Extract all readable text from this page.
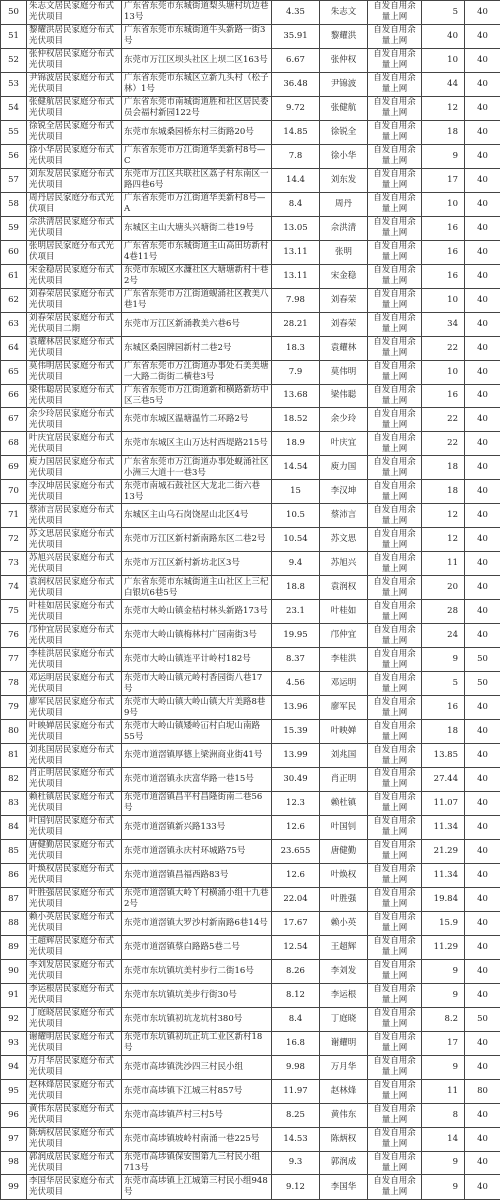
50	朱志文居民家庭分布式光伏项目	广东省东莞市东城街道梨头塘村坑边巷13号	4.35	朱志文	自发自用余量上网	5	40
51	黎耀洪居民家庭分布式光伏项目	广东省东莞市东城街道牛头新路一街3号	35.91	黎耀洪	自发自用余量上网	40	40
52	张仲权居民家庭分布式光伏项目	东莞市万江区坝头社区上坝二区163号	6.67	张仲权	自发自用余量上网	10	40
53	尹锦波居民家庭分布式光伏项目	广东省东莞市东城区立新九头村（松子林）1号	36.48	尹锦波	自发自用余量上网	44	40
54	张健航居民家庭分布式光伏项目	广东省东莞市南城街道胜和社区居民委员会福村新园122号	9.72	张健航	自发自用余量上网	12	40
55	徐锐全居民家庭分布式光伏项目	东莞市东城桑园桥东村三街路20号	14.85	徐锐全	自发自用余量上网	18	40
56	徐小华居民家庭分布式光伏项目	广东省东莞市万江街道华美新村8号—C	7.8	徐小华	自发自用余量上网	9	40
57	刘东发居民家庭分布式光伏项目	东莞市万江区共联社区荔子村东南区一路四巷6号	14.4	刘东发	自发自用余量上网	17	40
58	周丹居民家庭分布式光伏项目	广东省东莞市万江街道华美新村8号—A	8.4	周丹	自发自用余量上网	10	40
59	佘洪清居民家庭分布式光伏项目	东城区主山大塘头兴塘街二巷19号	13.05	佘洪清	自发自用余量上网	16	40
60	张明居民家庭分布式光伏项目	广东省东莞市东城街道主山高田坊新村4巷11号	13.11	张明	自发自用余量上网	16	40
61	宋金稳居民家庭分布式光伏项目	东莞市东城区水濂社区大塘塘新村十巷2号	13.11	宋金稳	自发自用余量上网	16	40
62	刘春荣居民家庭分布式光伏项目	广东省东莞市万江街道蚬涌社区教美八巷1号	7.98	刘春荣	自发自用余量上网	10	40
63	刘春荣居民家庭分布式光伏项目二期	东莞市万江区新涌教美六巷6号	28.21	刘春荣	自发自用余量上网	34	40
64	袁耀林居民家庭分布式光伏项目	东城区桑园牌园新村二巷2号	18.3	袁耀林	自发自用余量上网	22	40
65	莫伟明居民家庭分布式光伏项目	广东省东莞市万江街道办事处石美美塘一大路二街街二横巷3号	7.9	莫伟明	自发自用余量上网	10	40
66	梁伟聪居民家庭分布式光伏项目	广东省东莞市万江街道新和横路新坊中区三巷5号	13.68	梁伟聪	自发自用余量上网	16	40
67	余少玲居民家庭分布式光伏项目	东莞市东城区温塘温竹二环路2号	18.52	余少玲	自发自用余量上网	22	40
68	叶庆宜居民家庭分布式光伏项目	东莞市东城区主山万达村西堤路215号	18.9	叶庆宜	自发自用余量上网	22	40
69	庾力国居民家庭分布式光伏项目	广东省东莞市万江街道办事处蚬涌社区小洲三大道十一巷3号	14.54	庾力国	自发自用余量上网	18	40
70	李汉坤居民家庭分布式光伏项目	东莞市南城石鼓社区大龙北二街六巷13号	15	李汉坤	自发自用余量上网	18	40
71	蔡沛言居民家庭分布式光伏项目	东城区主山乌石岗饶屋山北区4号	10.5	蔡沛言	自发自用余量上网	12	40
72	苏文思居民家庭分布式光伏项目	东莞市万江区新村新南路东区二巷2号	10.54	苏文思	自发自用余量上网	12	40
73	苏旭兴居民家庭分布式光伏项目	东莞市万江区新村新坊北区3号	9.4	苏旭兴	自发自用余量上网	11	40
74	袁润权居民家庭分布式光伏项目	广东省东莞市东城街道主山社区上三杞白银坑6巷5号	18.8	袁润权	自发自用余量上网	20	40
75	叶桂如居民家庭分布式光伏项目	东莞市大岭山镇金桔村林头新路173号	23.1	叶桂如	自发自用余量上网	28	40
76	邝仲宜居民家庭分布式光伏项目	东莞市大岭山镇梅林村广园南街3号	19.95	邝仲宜	自发自用余量上网	24	40
77	李桂洪居民家庭分布式光伏项目	东莞市大岭山镇连平计岭村182号	8.37	李桂洪	自发自用余量上网	9	50
78	邓运明居民家庭分布式光伏项目	东莞市大岭山镇元岭村香园街八巷17号	4.56	邓运明	自发自用余量上网	5	50
79	廖军民居民家庭分布式光伏项目	东莞市大岭山镇大岭山镇大片美路8巷9号	13.96	廖军民	自发自用余量上网	16	40
80	叶映婵居民家庭分布式光伏项目	东莞市大岭山镇矮岭冚村白坭山南路55号	15.39	叶映婵	自发自用余量上网	18	40
81	刘兆国居民家庭分布式光伏项目	东莞市道滘镇厚德上梁洲商业街41号	13.99	刘兆国	自发自用余量上网	13.85	40
82	肖正明居民家庭分布式光伏项目	东莞市道滘镇永庆富华路一巷15号	30.49	肖正明	自发自用余量上网	27.44	40
83	赖杜镇居民家庭分布式光伏项目	东莞市道滘镇昌平村昌隆街南二巷56号	12.3	赖杜镇	自发自用余量上网	11.07	40
84	叶国钊居民家庭分布式光伏项目	东莞市道滘镇新兴路133号	12.6	叶国钊	自发自用余量上网	11.34	40
85	唐健勤居民家庭分布式光伏项目	东莞市道滘镇永庆村环城路75号	23.655	唐健勤	自发自用余量上网	21.29	40
86	叶焕权居民家庭分布式光伏项目	东莞市道滘镇昌福西路83号	12.6	叶焕权	自发自用余量上网	11.34	40
87	叶胜强居民家庭分布式光伏项目	东莞市道滘镇大岭丫村横涌小组十九巷2号	22.04	叶胜强	自发自用余量上网	19.84	40
88	赖小英居民家庭分布式光伏项目	东莞市道滘镇大罗沙村新南路6巷14号	17.67	赖小英	自发自用余量上网	15.9	40
89	王超辉居民家庭分布式光伏项目	东莞市道滘镇蔡白路路5巷二号	12.54	王超辉	自发自用余量上网	11.29	40
90	李刘发居民家庭分布式光伏项目	东莞市东坑镇坑美村步行二街16号	8.26	李刘发	自发自用余量上网	9	40
91	李运根居民家庭分布式光伏项目	东莞市东坑镇坑美步行街30号	8.12	李运根	自发自用余量上网	9	40
92	丁庭晓居民家庭分布式光伏项目	东莞市东坑镇初坑龙坑村380号	8.4	丁庭晓	自发自用余量上网	8.2	50
93	谢耀明居民家庭分布式光伏项目	东莞市东坑镇初坑正坑工业区新村18号	16.8	谢耀明	自发自用余量上网	17	40
94	万月华居民家庭分布式光伏项目	东莞市高埗镇洗沙四三村民小组	9.98	万月华	自发自用余量上网	9	40
95	赵林烽居民家庭分布式光伏项目	东莞市高埗镇下江城三村857号	11.97	赵林烽	自发自用余量上网	11	80
96	黄伟东居民家庭分布式光伏项目	东莞市高埗镇芦村三村5号	8.25	黄伟东	自发自用余量上网	8	40
97	陈炳权居民家庭分布式光伏项目	东莞市高埗镇坡岭村南涌一巷225号	14.53	陈炳权	自发自用余量上网	14	40
98	郭润成居民家庭分布式光伏项目	东莞市高埗镇保安围第九三村民小组713号	9.3	郭润成	自发自用余量上网	9	40
99	李国华居民家庭分布式光伏项目	东莞市高埗镇上江城第三村民小组948号	9.12	李国华	自发自用余量上网	9	40
